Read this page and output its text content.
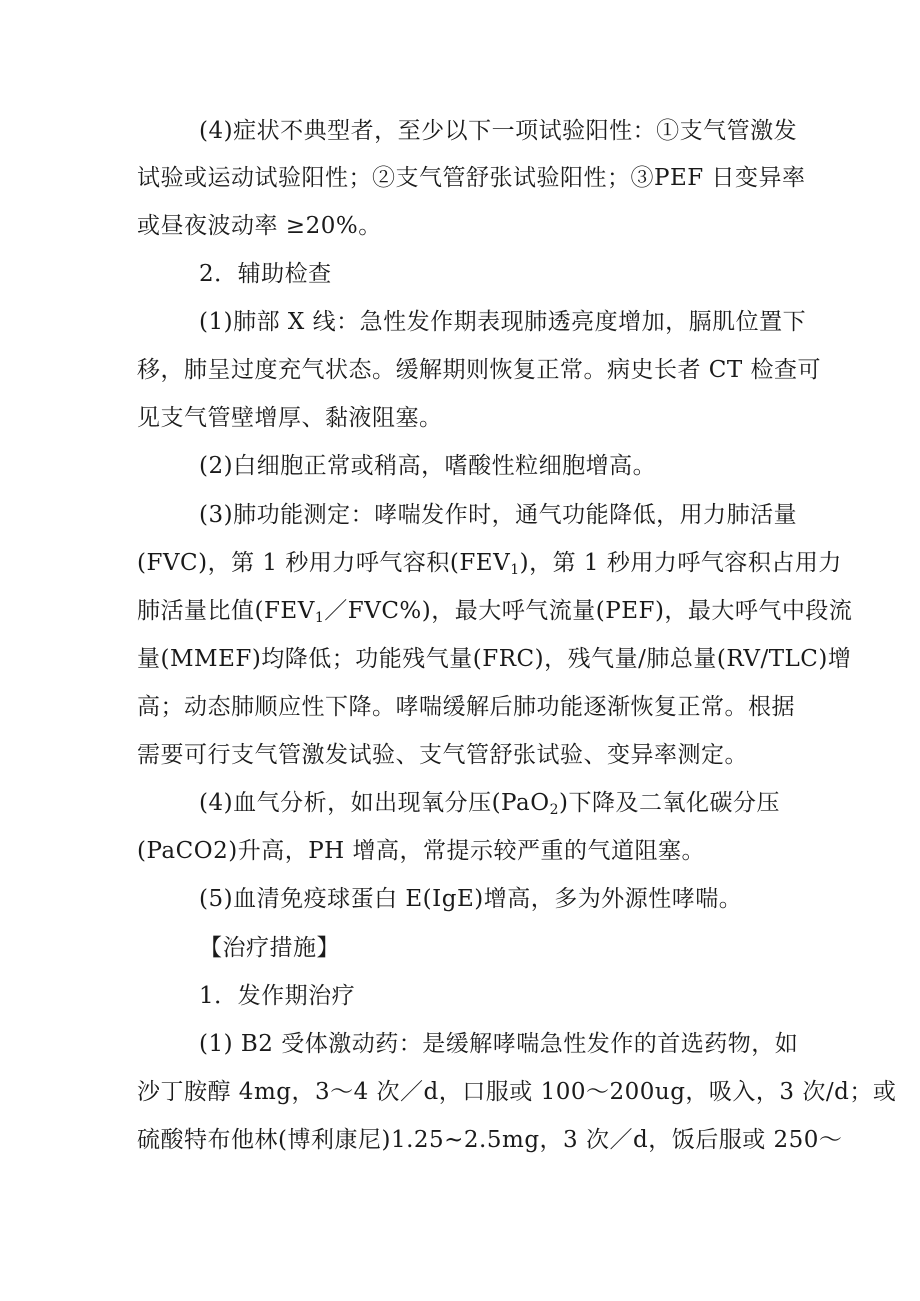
(4)症状不典型者，至少以下一项试验阳性：①支气管激发
试验或运动试验阳性；②支气管舒张试验阳性；③PEF 日变异率
或昼夜波动率 ≥20%。
2．辅助检查
(1)肺部 X 线：急性发作期表现肺透亮度增加，膈肌位置下
移，肺呈过度充气状态。缓解期则恢复正常。病史长者 CT 检查可
见支气管壁增厚、黏液阻塞。
(2)白细胞正常或稍高，嗜酸性粒细胞增高。
(3)肺功能测定：哮喘发作时，通气功能降低，用力肺活量
(FVC)，第 1 秒用力呼气容积$(FEV_1)$，第 1 秒用力呼气容积占用力
肺活量比值$(FEV_1/FVC\%)$，最大呼气流量(PEF)，最大呼气中段流
量(MMEF)均降低；功能残气量(FRC)，残气量/肺总量(RV/TLC)增
高；动态肺顺应性下降。哮喘缓解后肺功能逐渐恢复正常。根据
需要可行支气管激发试验、支气管舒张试验、变异率测定。
(4)血气分析，如出现氧分压(PaO$_2$)下降及二氧化碳分压
(PaCO2)升高，PH 增高，常提示较严重的气道阻塞。
(5)血清免疫球蛋白 E(IgE)增高，多为外源性哮喘。
【治疗措施】
1．发作期治疗
(1) B2 受体激动药：是缓解哮喘急性发作的首选药物，如
沙丁胺醇 4mg，3～4 次／d，口服或 100～200ug，吸入，3 次/d；或
硫酸特布他林(博利康尼)1.25~2.5mg，3 次／d，饭后服或 250～
